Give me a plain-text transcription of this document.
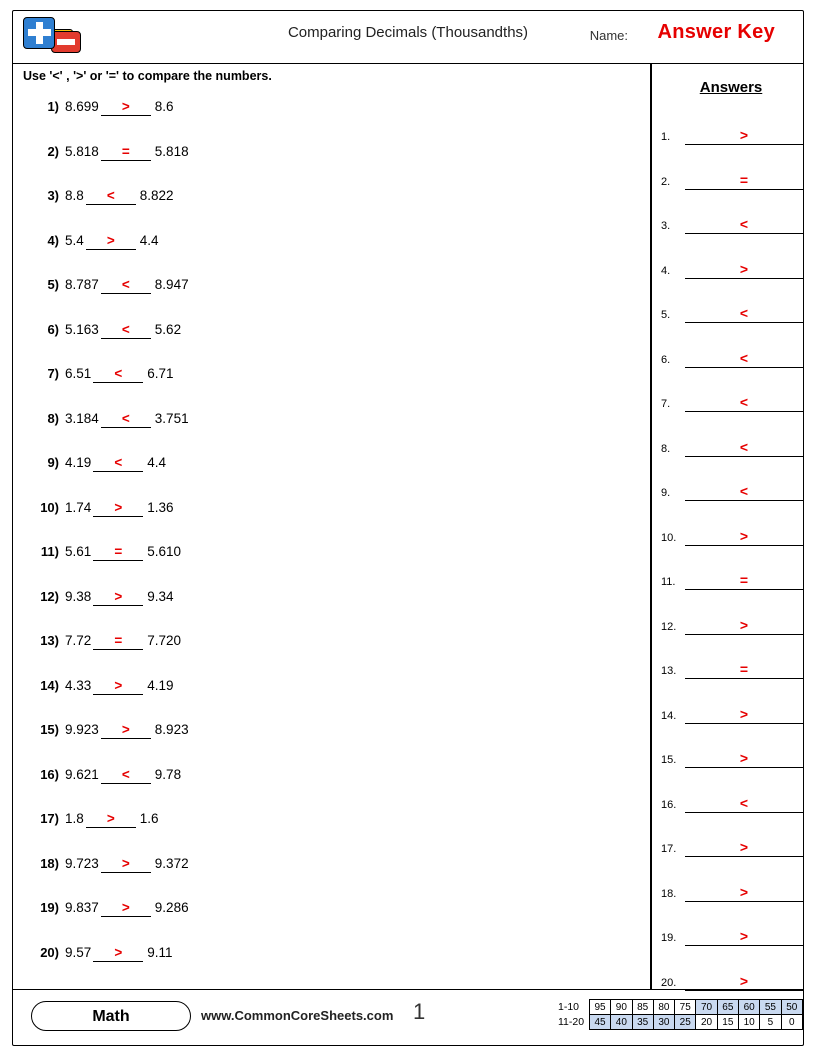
Comparing Decimals (Thousandths)	Name: Answer Key
Use '<' , '>' or '=' to compare the numbers.
1) 8.699	>	8.6
2) 5.818	=	5.818
3) 8.8	<	8.822
4) 5.4	>	4.4
5) 8.787	<	8.947
6) 5.163	<	5.62
7) 6.51	<	6.71
8) 3.184	<	3.751
9) 4.19	<	4.4
10) 1.74	>	1.36
11) 5.61	=	5.610
12) 9.38	>	9.34
13) 7.72	=	7.720
14) 4.33	>	4.19
15) 9.923	>	8.923
16) 9.621	<	9.78
17) 1.8	>	1.6
18) 9.723	>	9.372
19) 9.837	>	9.286
20) 9.57	>	9.11
Answers
1.	>
2.	=
3.	<
4.	>
5.	<
6.	<
7.	<
8.	<
9.	<
10.	>
11.	=
12.	>
13.	=
14.	>
15.	>
16.	<
17.	>
18.	>
19.	>
20.	>
Math	www.CommonCoreSheets.com 1	1-10	95	90	85	80	75	70	65	60	55	50
11-20	45	40	35	30	25	20	15	10	5	0
